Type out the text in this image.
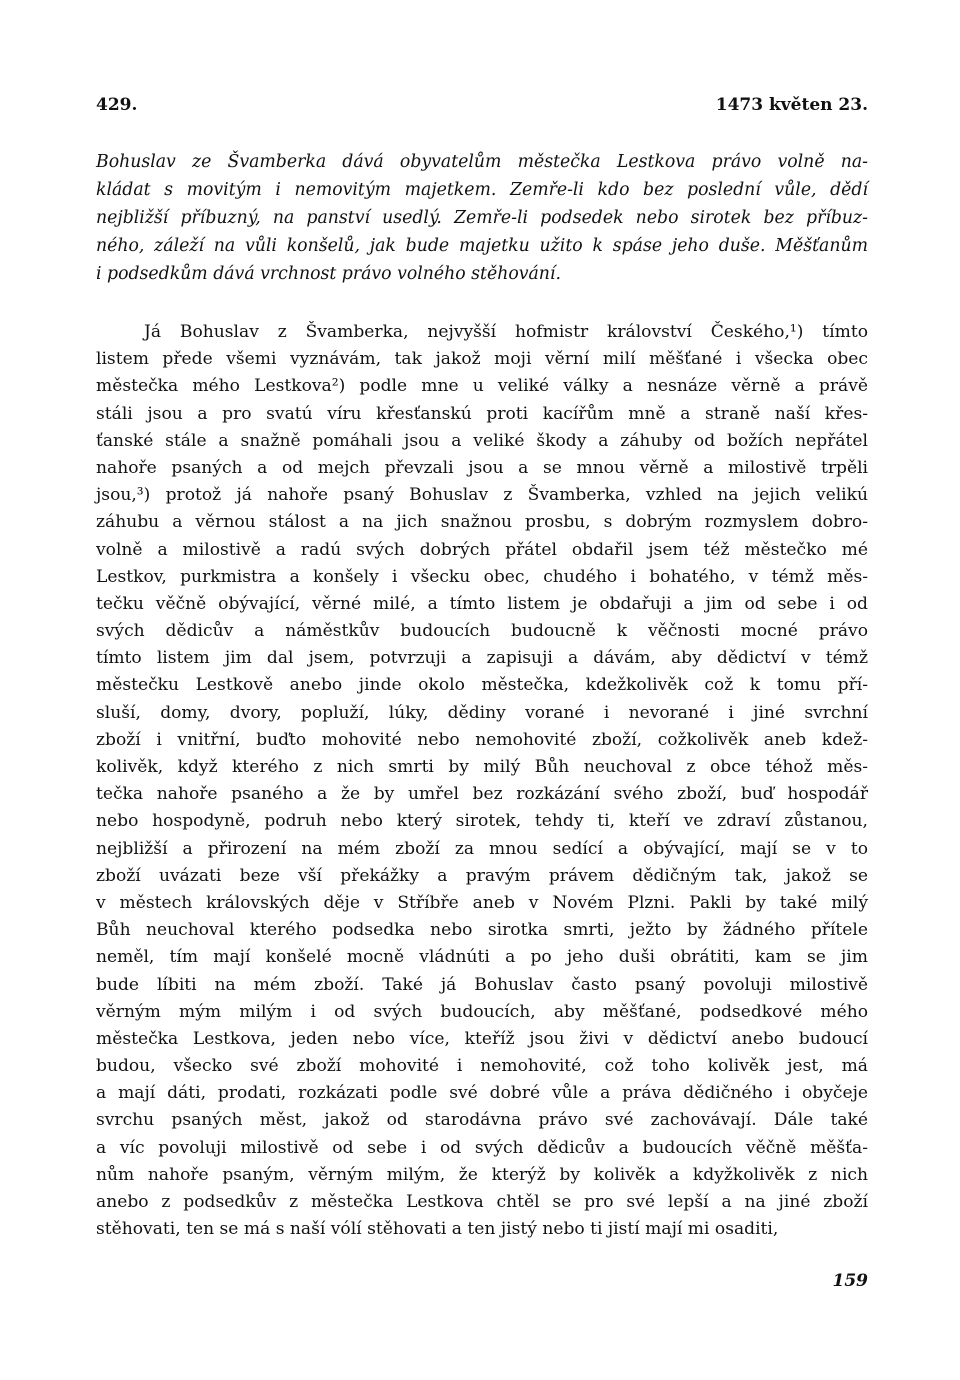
429.	1473 květen 23.
Bohuslav ze Švamberka dává obyvatelům městečka Lestkova právo volně na-
kládat s movitým i nemovitým majetkem. Zemře-li kdo bez poslední vůle, dědí
nejbližší příbuzný, na panství usedlý. Zemře-li podsedek nebo sirotek bez příbuz-
ného, záleží na vůli konšelů, jak bude majetku užito k spáse jeho duše. Měšťanům
i podsedkům dává vrchnost právo volného stěhování.
Já Bohuslav z Švamberka, nejvyšší hofmistr království Českého,¹) tímto
listem přede všemi vyznávám, tak jakož moji věrní milí měšťané i všecka obec
městečka mého Lestkova²) podle mne u veliké války a nesnáze věrně a právě
stáli jsou a pro svatú víru křesťanskú proti kacířům mně a straně naší křes-
ťanské stále a snažně pomáhali jsou a veliké škody a záhuby od božích nepřátel
nahoře psaných a od mejch převzali jsou a se mnou věrně a milostivě trpěli
jsou,³) protož já nahoře psaný Bohuslav z Švamberka, vzhled na jejich velikú
záhubu a věrnou stálost a na jich snažnou prosbu, s dobrým rozmyslem dobro-
volně a milostivě a radú svých dobrých přátel obdařil jsem též městečko mé
Lestkov, purkmistra a konšely i všecku obec, chudého i bohatého, v témž měs-
tečku věčně obývající, věrné milé, a tímto listem je obdařuji a jim od sebe i od
svých dědicův a náměstkův budoucích budoucně k věčnosti mocné právo
tímto listem jim dal jsem, potvrzuji a zapisuji a dávám, aby dědictví v témž
městečku Lestkově anebo jinde okolo městečka, kdežkolivěk což k tomu pří-
sluší, domy, dvory, popluží, lúky, dědiny vorané i nevorané i jiné svrchní
zboží i vnitřní, buďto mohovité nebo nemohovité zboží, cožkolivěk aneb kdež-
kolivěk, když kterého z nich smrti by milý Bůh neuchoval z obce téhož měs-
tečka nahoře psaného a že by umřel bez rozkázání svého zboží, buď hospodář
nebo hospodyně, podruh nebo který sirotek, tehdy ti, kteří ve zdraví zůstanou,
nejbližší a přirození na mém zboží za mnou sedící a obývající, mají se v to
zboží uvázati beze vší překážky a pravým právem dědičným tak, jakož se
v městech královských děje v Stříbře aneb v Novém Plzni. Pakli by také milý
Bůh neuchoval kterého podsedka nebo sirotka smrti, ježto by žádného přítele
neměl, tím mají konšelé mocně vládnúti a po jeho duši obrátiti, kam se jim
bude líbiti na mém zboží. Také já Bohuslav často psaný povoluji milostivě
věrným mým milým i od svých budoucích, aby měšťané, podsedkové mého
městečka Lestkova, jeden nebo více, kteříž jsou živi v dědictví anebo budoucí
budou, všecko své zboží mohovité i nemohovité, což toho kolivěk jest, má
a mají dáti, prodati, rozkázati podle své dobré vůle a práva dědičného i obyčeje
svrchu psaných měst, jakož od starodávna právo své zachovávají. Dále také
a víc povoluji milostivě od sebe i od svých dědicův a budoucích věčně měšťa-
nům nahoře psaným, věrným milým, že kterýž by kolivěk a kdyžkolivěk z nich
anebo z podsedkův z městečka Lestkova chtěl se pro své lepší a na jiné zboží
stěhovati, ten se má s naší vólí stěhovati a ten jistý nebo ti jistí mají mi osaditi,
159
